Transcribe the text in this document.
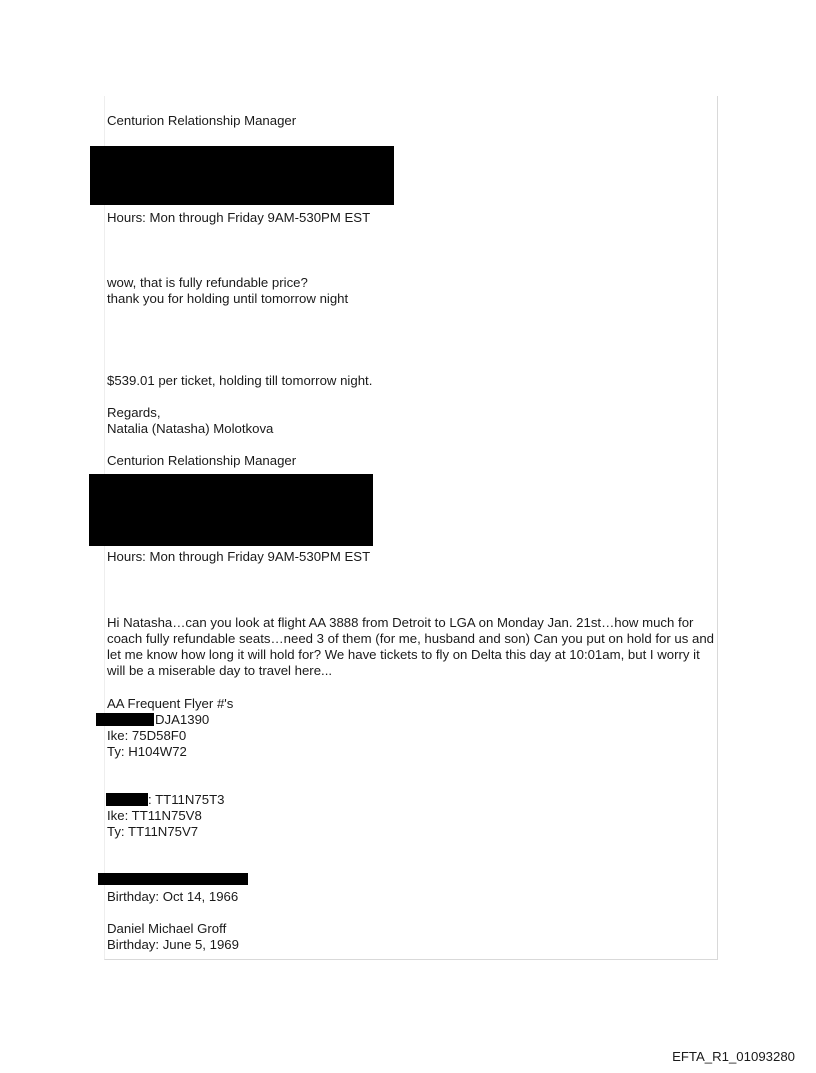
Centurion Relationship Manager

Hours: Mon through Friday 9AM-530PM EST

wow, that is fully refundable price?

thank you for holding until tomorrow night

$539.01 per ticket, holding till tomorrow night.

Regards,

Natalia (Natasha) Molotkova

Centurion Relationship Manager

Hours: Mon through Friday 9AM-530PM EST

Hi Natasha…can you look at flight AA 3888 from Detroit to LGA on Monday Jan. 21st…how much for coach fully refundable seats…need 3 of them (for me, husband and son) Can you put on hold for us and let me know how long it will hold for? We have tickets to fly on Delta this day at 10:01am, but I worry it will be a miserable day to travel here...

AA Frequent Flyer #'s

DJA1390

Ike: 75D58F0

Ty: H104W72

: TT11N75T3

Ike: TT11N75V8

Ty: TT11N75V7

Birthday: Oct 14, 1966

Daniel Michael Groff

Birthday: June 5, 1969

EFTA_R1_01093280
